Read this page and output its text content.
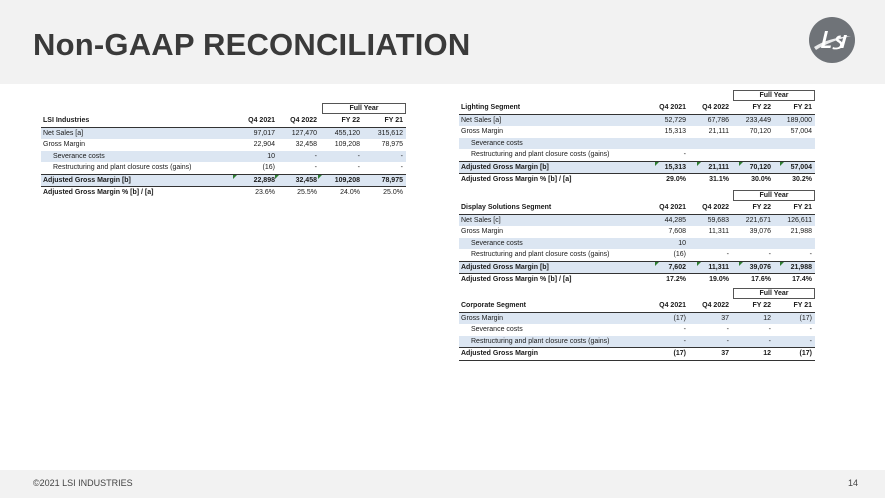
Non-GAAP RECONCILIATION
Full Year
LSI Industries	Q4 2021	Q4 2022	FY 22	FY 21
Net Sales [a]	97,017	127,470	455,120	315,612
Gross Margin	22,904	32,458	109,208	78,975
Severance costs	10	-	-	-
Restructuring and plant closure costs (gains)	(16)	-	-	-
Adjusted Gross Margin [b]	22,898	32,458	109,208	78,975
Adjusted Gross Margin % [b] / [a]	23.6%	25.5%	24.0%	25.0%
Full Year
Lighting Segment	Q4 2021	Q4 2022	FY 22	FY 21
Net Sales [a]	52,729	67,786	233,449	189,000
Gross Margin	15,313	21,111	70,120	57,004
Severance costs
Restructuring and plant closure costs (gains)	-
Adjusted Gross Margin [b]	15,313	21,111	70,120	57,004
Adjusted Gross Margin % [b] / [a]	29.0%	31.1%	30.0%	30.2%
Full Year
Display Solutions Segment	Q4 2021	Q4 2022	FY 22	FY 21
Net Sales [c]	44,285	59,683	221,671	126,611
Gross Margin	7,608	11,311	39,076	21,988
Severance costs	10
Restructuring and plant closure costs (gains)	(16)	-	-	-
Adjusted Gross Margin [b]	7,602	11,311	39,076	21,988
Adjusted Gross Margin % [b] / [a]	17.2%	19.0%	17.6%	17.4%
Full Year
Corporate Segment	Q4 2021	Q4 2022	FY 22	FY 21
Gross Margin	(17)	37	12	(17)
Severance costs	-	-	-	-
Restructuring and plant closure costs (gains)	-	-	-	-
Adjusted Gross Margin	(17)	37	12	(17)
©2021 LSI INDUSTRIES	14
